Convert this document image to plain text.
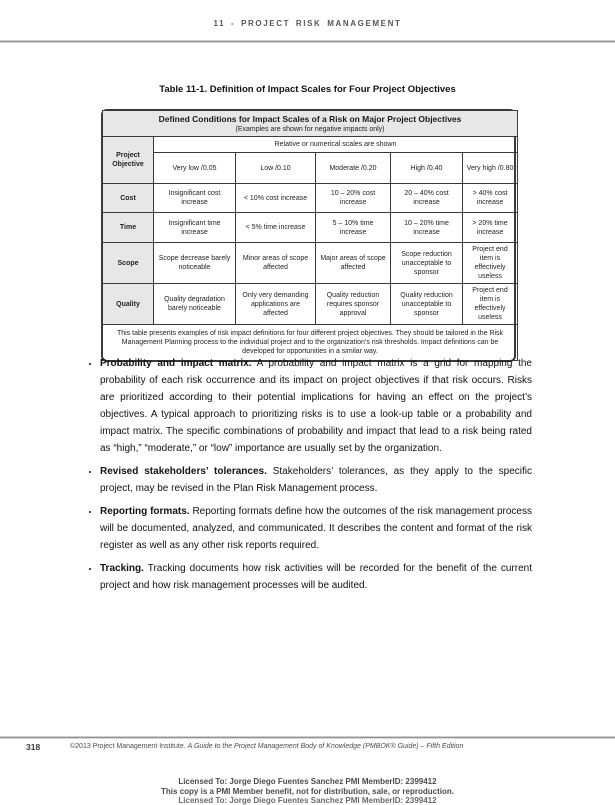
11 - PROJECT RISK MANAGEMENT
Table 11-1. Definition of Impact Scales for Four Project Objectives
Defined Conditions for Impact Scales of a Risk on Major Project Objectives
(Examples are shown for negative impacts only)					

Project Objective	Relative or numerical scales are shown				
	Very low /0.05	Low /0.10	Moderate /0.20	High /0.40	Very high /0.80
Cost	Insignificant cost increase	< 10% cost increase	10 – 20% cost increase	20 – 40% cost increase	> 40% cost increase
Time	Insignificant time increase	< 5% time increase	5 – 10% time increase	10 – 20% time increase	> 20% time increase
Scope	Scope decrease barely noticeable	Minor areas of scope affected	Major areas of scope affected	Scope reduction unacceptable to sponsor	Project end item is effectively useless
Quality	Quality degradation barely noticeable	Only very demanding applications are affected	Quality reduction requires sponsor approval	Quality reduction unacceptable to sponsor	Project end item is effectively useless
This table presents examples of risk impact definitions for four different project objectives. They should be tailored in the Risk Management Planning process to the individual project and to the organization’s risk thresholds. Impact definitions can be developed for opportunities in a similar way.					
• Probability and impact matrix. A probability and impact matrix is a grid for mapping the probability of each risk occurrence and its impact on project objectives if that risk occurs. Risks are prioritized according to their potential implications for having an effect on the project’s objectives. A typical approach to prioritizing risks is to use a look-up table or a probability and impact matrix. The specific combinations of probability and impact that lead to a risk being rated as “high,” “moderate,” or “low” importance are usually set by the organization.
• Revised stakeholders’ tolerances. Stakeholders’ tolerances, as they apply to the specific project, may be revised in the Plan Risk Management process.
• Reporting formats. Reporting formats define how the outcomes of the risk management process will be documented, analyzed, and communicated. It describes the content and format of the risk register as well as any other risk reports required.
• Tracking. Tracking documents how risk activities will be recorded for the benefit of the current project and how risk management processes will be audited.
318	©2013 Project Management Institute. A Guide to the Project Management Body of Knowledge (PMBOK® Guide) – Fifth Edition
Licensed To: Jorge Diego Fuentes Sanchez PMI MemberID: 2399412
This copy is a PMI Member benefit, not for distribution, sale, or reproduction.
Licensed To: Jorge Diego Fuentes Sanchez PMI MemberID: 2399412
